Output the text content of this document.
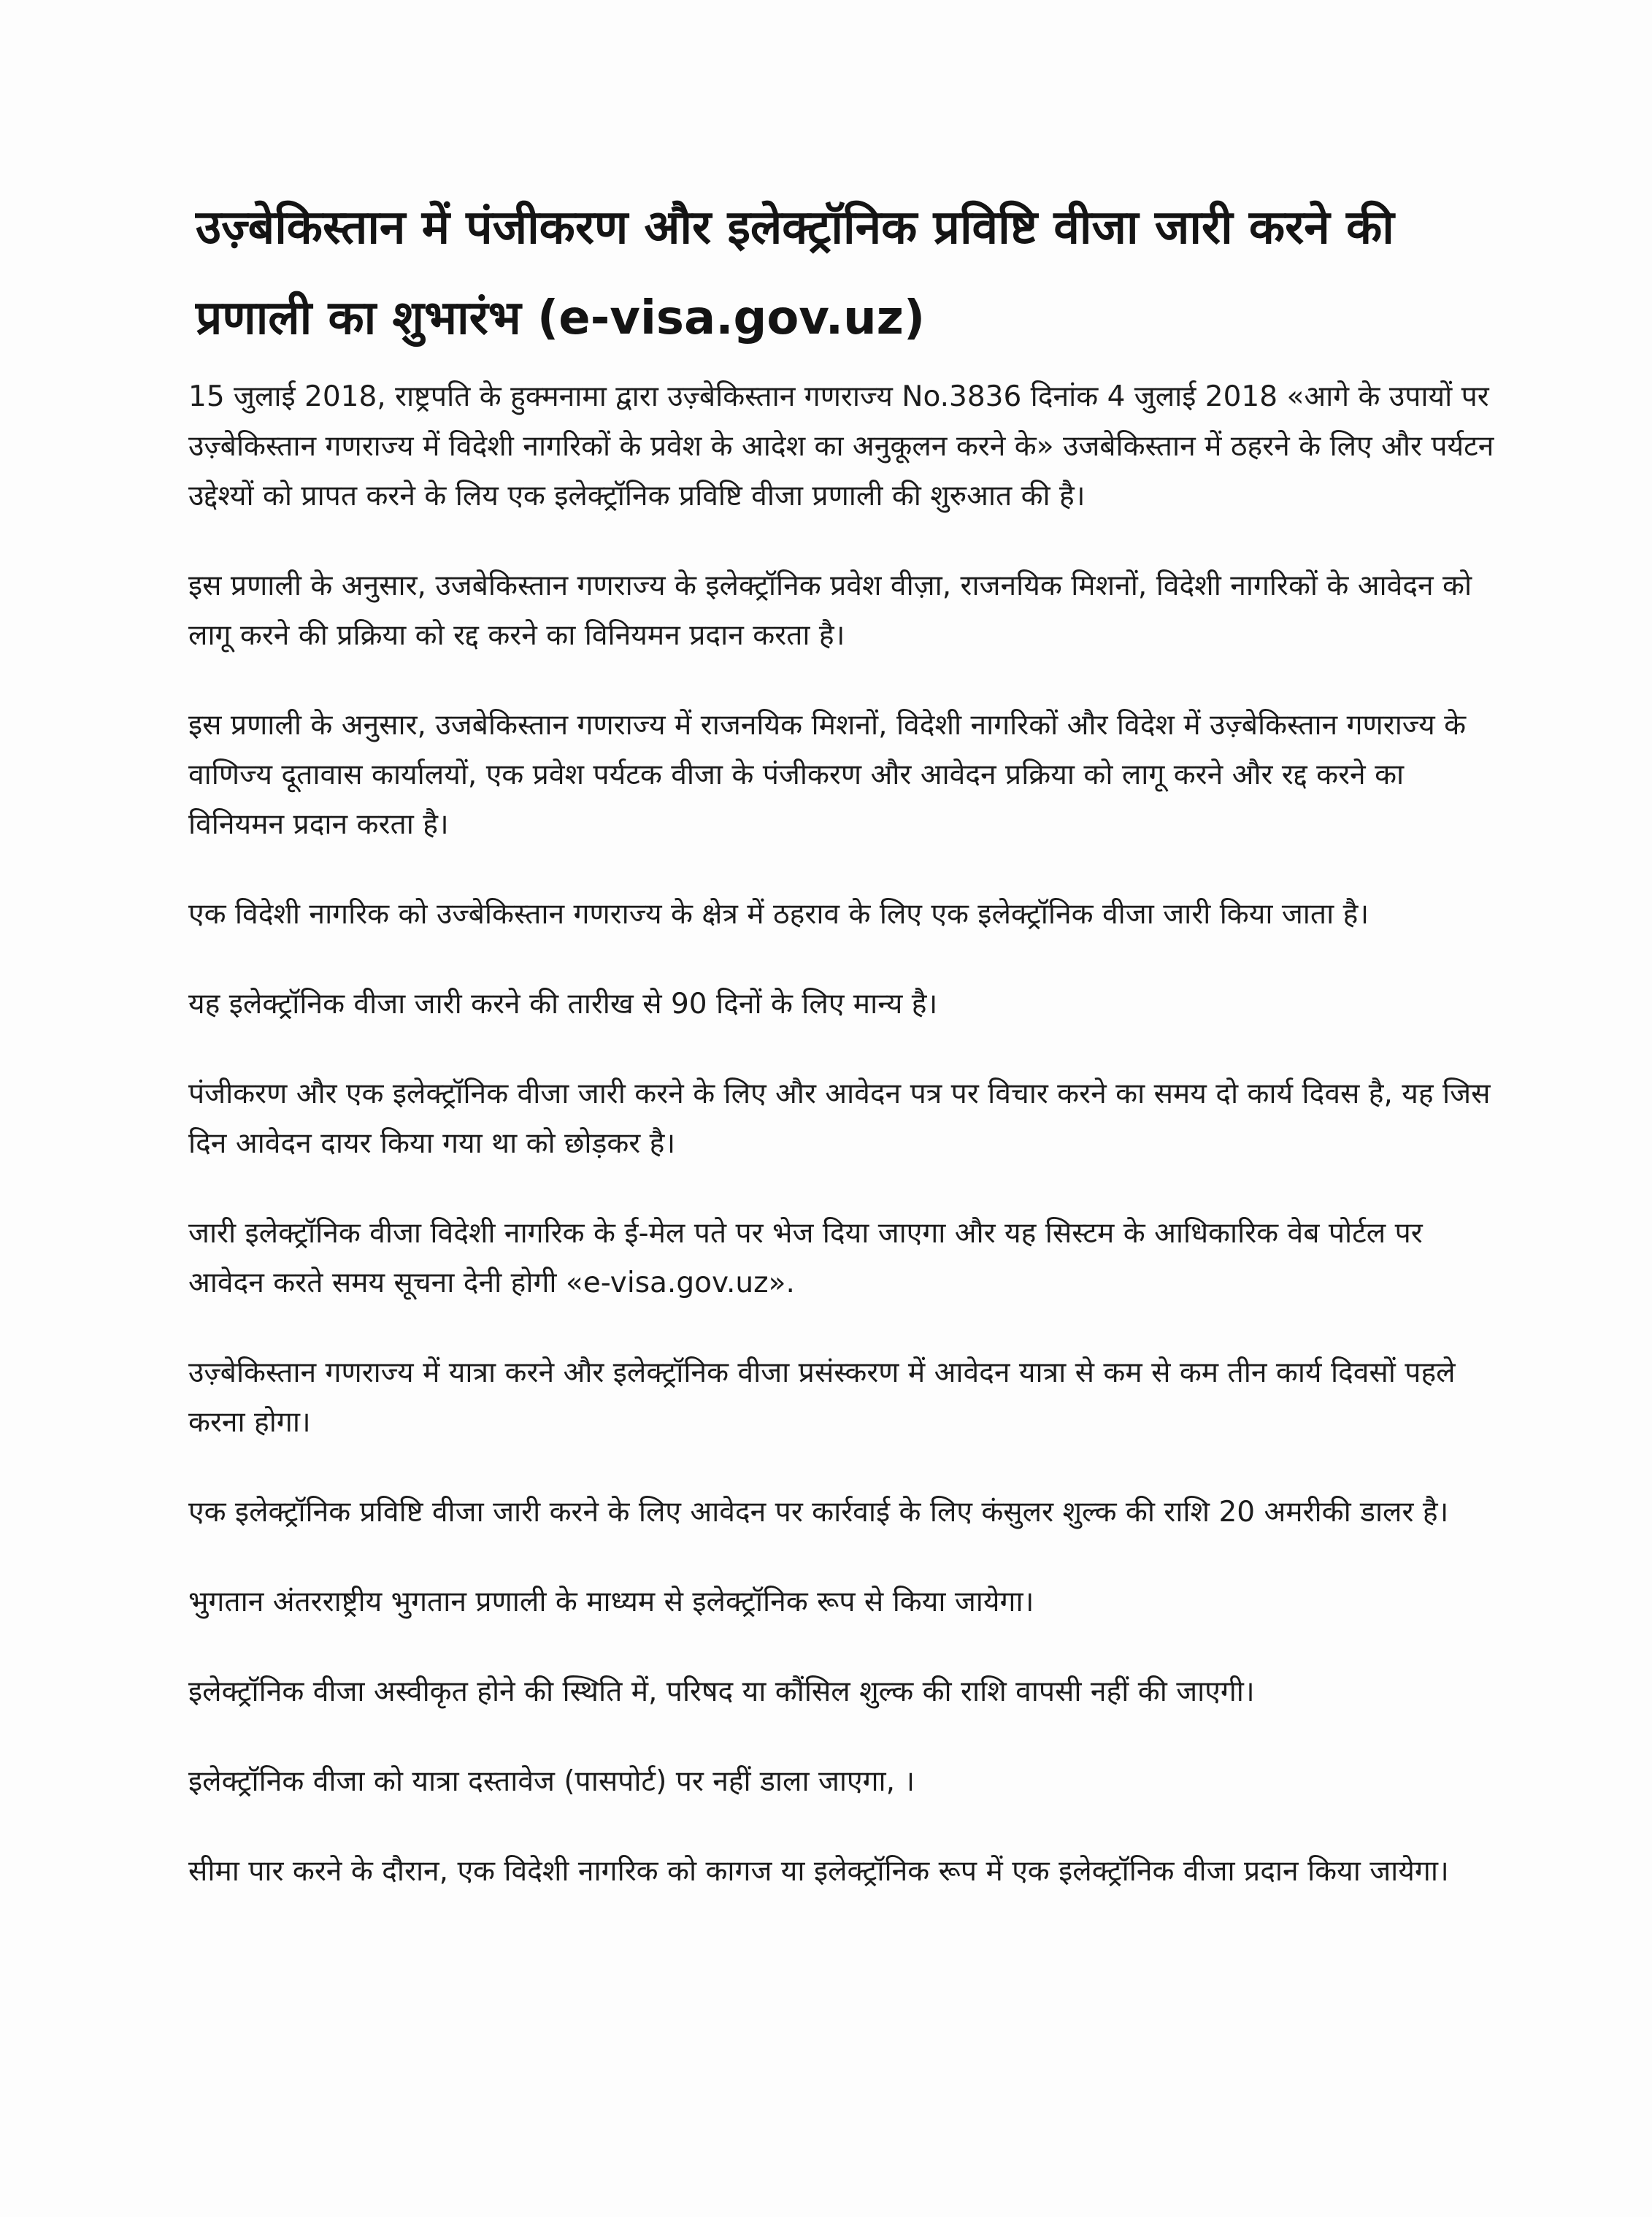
उज़्बेकिस्तान में पंजीकरण और इलेक्ट्रॉनिक प्रविष्टि वीजा जारी करने की प्रणाली का शुभारंभ (e-visa.gov.uz)

15 जुलाई 2018, राष्ट्रपति के हुक्मनामा द्वारा उज़्बेकिस्तान गणराज्य No.3836 दिनांक 4 जुलाई 2018 «आगे के उपायों पर उज़्बेकिस्तान गणराज्य में विदेशी नागरिकों के प्रवेश के आदेश का अनुकूलन करने के» उजबेकिस्तान में ठहरने के लिए और पर्यटन उद्देश्यों को प्रापत करने के लिय एक इलेक्ट्रॉनिक प्रविष्टि वीजा प्रणाली की शुरुआत की है।

इस प्रणाली के अनुसार, उजबेकिस्तान गणराज्य के इलेक्ट्रॉनिक प्रवेश वीज़ा, राजनयिक मिशनों, विदेशी नागरिकों के आवेदन को लागू करने की प्रक्रिया को रद्द करने का विनियमन प्रदान करता है।

इस प्रणाली के अनुसार, उजबेकिस्तान गणराज्य में राजनयिक मिशनों, विदेशी नागरिकों और विदेश में उज़्बेकिस्तान गणराज्य के वाणिज्य दूतावास कार्यालयों, एक प्रवेश पर्यटक वीजा के पंजीकरण और आवेदन प्रक्रिया को लागू करने और रद्द करने का विनियमन प्रदान करता है।

एक विदेशी नागरिक को उज्बेकिस्तान गणराज्य के क्षेत्र में ठहराव के लिए एक इलेक्ट्रॉनिक वीजा जारी किया जाता है।

यह इलेक्ट्रॉनिक वीजा जारी करने की तारीख से 90 दिनों के लिए मान्य है।

पंजीकरण और एक इलेक्ट्रॉनिक वीजा जारी करने के लिए और आवेदन पत्र पर विचार करने का समय दो कार्य दिवस है, यह जिस दिन आवेदन दायर किया गया था को छोड़कर है।

जारी इलेक्ट्रॉनिक वीजा विदेशी नागरिक के ई-मेल पते पर भेज दिया जाएगा और यह सिस्टम के आधिकारिक वेब पोर्टल पर आवेदन करते समय सूचना देनी होगी «e-visa.gov.uz».

उज़्बेकिस्तान गणराज्य में यात्रा करने और इलेक्ट्रॉनिक वीजा प्रसंस्करण में आवेदन यात्रा से कम से कम तीन कार्य दिवसों पहले करना होगा।

एक इलेक्ट्रॉनिक प्रविष्टि वीजा जारी करने के लिए आवेदन पर कार्रवाई के लिए कंसुलर शुल्क की राशि 20 अमरीकी डालर है।

भुगतान अंतरराष्ट्रीय भुगतान प्रणाली के माध्यम से इलेक्ट्रॉनिक रूप से किया जायेगा।

इलेक्ट्रॉनिक वीजा अस्वीकृत होने की स्थिति में, परिषद या कौंसिल शुल्क की राशि वापसी नहीं की जाएगी।

इलेक्ट्रॉनिक वीजा को यात्रा दस्तावेज (पासपोर्ट) पर नहीं डाला जाएगा, ।

सीमा पार करने के दौरान, एक विदेशी नागरिक को कागज या इलेक्ट्रॉनिक रूप में एक इलेक्ट्रॉनिक वीजा प्रदान किया जायेगा।
